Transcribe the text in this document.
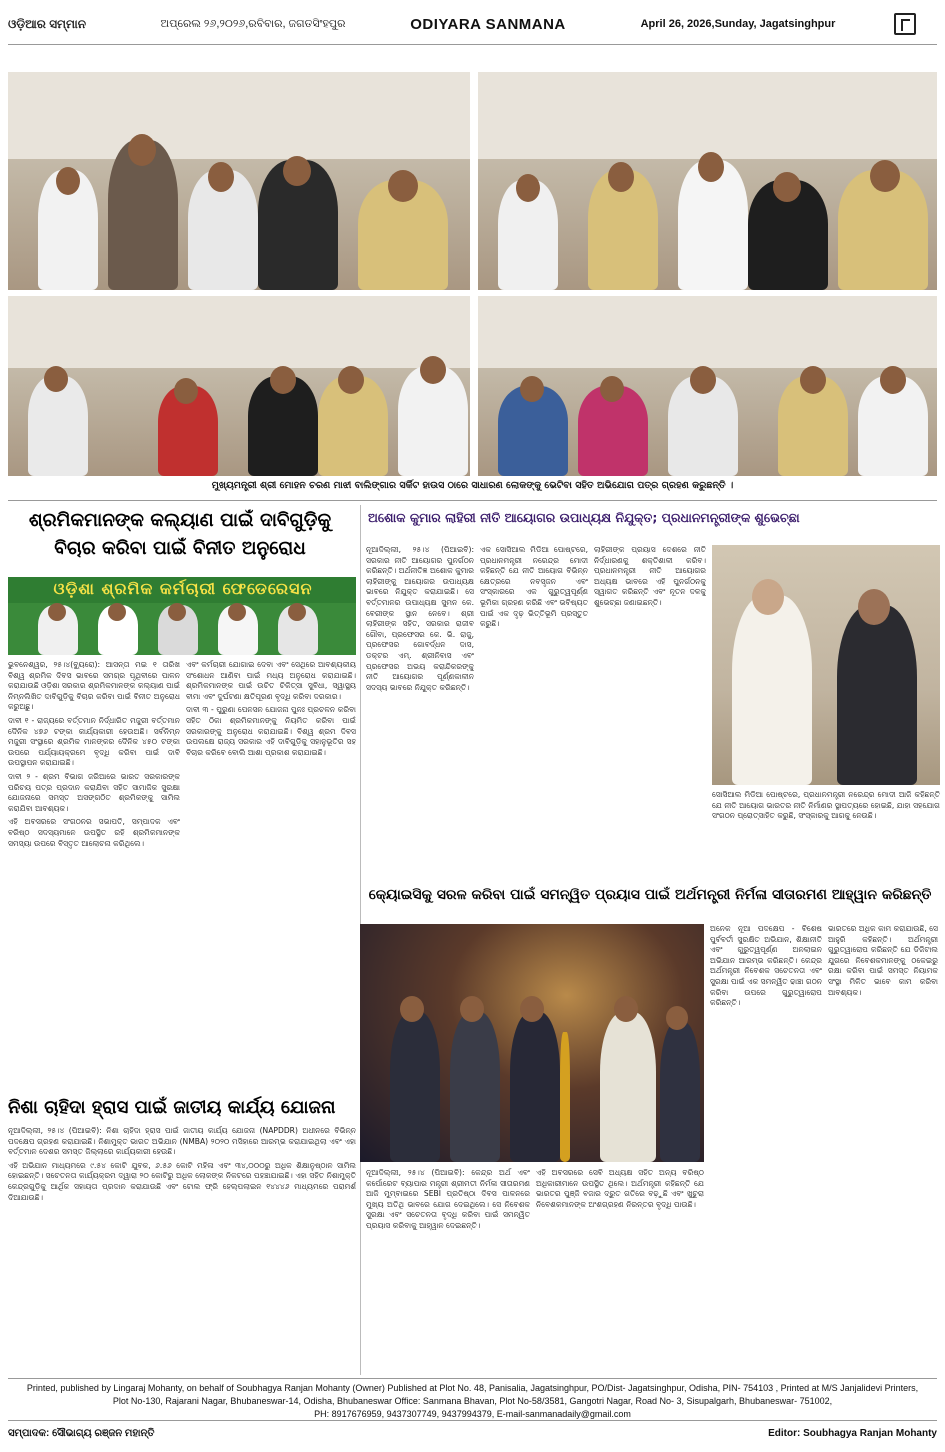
ଓଡ଼ିଆର ସମ୍ମାନ	ଅପ୍ରେଲ ୨୬,୨୦୨୬,ରବିବାର, ଜଗତସିଂହପୁର	ODIYARA SANMANA	April 26, 2026,Sunday, Jagatsinghpur
ମୁଖ୍ୟମନ୍ତ୍ରୀ ଶ୍ରୀ ମୋହନ ଚରଣ ମାଝୀ ବାଲିଙ୍ଗାର ସର୍କିଟ ହାଉସ ଠାରେ ସାଧାରଣ ଲୋକଙ୍କୁ ଭେଟିବା ସହିତ ଅଭିଯୋଗ ପତ୍ର ଗ୍ରହଣ କରୁଛନ୍ତି ।
ଶ୍ରମିକମାନଙ୍କ କଲ୍ୟାଣ ପାଇଁ ଦାବିଗୁଡ଼ିକୁ ବିଚାର କରିବା ପାଇଁ ବିନୀତ ଅନୁରୋଧ
ଓଡ଼ିଶା ଶ୍ରମିକ କର୍ମଚାରୀ ଫେଡେରେସନ

ଭୁବନେଶ୍ୱର, ୨୫।୪(ବ୍ୟୁରୋ): ଆସନ୍ତା ମଇ ୧ ତାରିଖ ବିଶ୍ୱ ଶ୍ରମିକ ଦିବସ ଭାବରେ ସମଗ୍ର ପୃଥିବୀରେ ପାଳନ କରାଯାଉଛି ଓଡ଼ିଶା ସରକାର ଶ୍ରମିକମାନଙ୍କ କଲ୍ୟାଣ ପାଇଁ ନିମ୍ନଲିଖିତ ଦାବିଗୁଡ଼ିକୁ ବିଚାର କରିବା ପାଇଁ ବିନୀତ ଅନୁରୋଧ କରୁଅଛୁ।

ଦାବୀ ୧ - ରାଜ୍ୟରେ ବର୍ତ୍ତମାନ ନିର୍ଦ୍ଧାରିତ ମଜୁରୀ ବର୍ତ୍ତମାନ ଦୈନିକ ୪୭୬ ଟଙ୍କା କାର୍ଯ୍ୟକାରୀ ହେଉଅଛି। ସର୍ବନିମ୍ନ ମଜୁରୀ ସଂସ୍ଥାରେ ଶ୍ରମିକ ମାନଙ୍କର ଦୈନିକ ୪୫୦ ଟଙ୍କା ଉପରେ ପର୍ଯ୍ୟାୟକ୍ରମେ ବୃଦ୍ଧି କରିବା ପାଇଁ ଦାବି ଉପସ୍ଥାପନ କରାଯାଇଛି।

ଦାବୀ ୨ - ଶ୍ରମ ବିଭାଗ ଜରିଆରେ ଭାରତ ସରକାରଙ୍କ ପରିଚୟ ପତ୍ର ପ୍ରଦାନ କରାଯିବା ସହିତ ସାମାଜିକ ସୁରକ୍ଷା ଯୋଜନାରେ ସମସ୍ତ ଅସଙ୍ଗଠିତ ଶ୍ରମିକଙ୍କୁ ସାମିଲ କରାଯିବା ଆବଶ୍ୟକ।

ଏହି ଅବସରରେ ସଂଗଠନର ସଭାପତି, ସମ୍ପାଦକ ଏବଂ ବରିଷ୍ଠ ସଦସ୍ୟମାନେ ଉପସ୍ଥିତ ରହି ଶ୍ରମିକମାନଙ୍କ ସମସ୍ୟା ଉପରେ ବିସ୍ତୃତ ଆଲୋଚନା କରିଥିଲେ।

ଏବଂ କର୍ମଚାରୀ ଯୋଗାଇ ଦେବା ଏବଂ ସେଥିରେ ଆବଶ୍ୟକୀୟ ସଂଶୋଧନ ଆଣିବା ପାଇଁ ମଧ୍ୟ ଅନୁରୋଧ କରାଯାଇଛି। ଶ୍ରମିକମାନଙ୍କ ପାଇଁ ଉଚିତ ଚିକିତ୍ସା ସୁବିଧା, ସ୍ୱାସ୍ଥ୍ୟ ବୀମା ଏବଂ ଦୁର୍ଘଟଣା କ୍ଷତିପୂରଣ ବୃଦ୍ଧି କରିବା ଦରକାର।

ଦାବୀ ୩ - ପୁରୁଣା ପେନସନ ଯୋଜନା ପୁନଃ ପ୍ରଚଳନ କରିବା ସହିତ ଠିକା ଶ୍ରମିକମାନଙ୍କୁ ନିୟମିତ କରିବା ପାଇଁ ସରକାରଙ୍କୁ ଅନୁରୋଧ କରାଯାଇଛି। ବିଶ୍ୱ ଶ୍ରମ ଦିବସ ଉପଲକ୍ଷେ ରାଜ୍ୟ ସରକାର ଏହି ଦାବିଗୁଡ଼ିକୁ ସହାନୁଭୂତିର ସହ ବିଚାର କରିବେ ବୋଲି ଆଶା ପ୍ରକାଶ କରାଯାଇଛି।

ଅଶୋକ କୁମାର ଲାହିରୀ ନୀତି ଆୟୋଗର ଉପାଧ୍ୟକ୍ଷ ନିଯୁକ୍ତ; ପ୍ରଧାନମନ୍ତ୍ରୀଙ୍କ ଶୁଭେଚ୍ଛା

ନୂଆଦିଲ୍ଲୀ, ୨୫।୪ (ପିଆଇବି): ସରକାର ନୀତି ଆୟୋଗର ପୁନର୍ଗଠନ କରିଛନ୍ତି। ଅର୍ଥନୀତିଜ୍ଞ ଅଶୋକ କୁମାର ଲାହିରୀଙ୍କୁ ଆୟୋଗର ଉପାଧ୍ୟକ୍ଷ ଭାବରେ ନିଯୁକ୍ତ କରାଯାଇଛି। ସେ ବର୍ତ୍ତମାନର ଉପାଧ୍ୟକ୍ଷ ସୁମନ କେ. ବେରୀଙ୍କ ସ୍ଥାନ ନେବେ। ଶ୍ରୀ ଲାହିରୀଙ୍କ ସହିତ, ସରକାର ରାଜୀବ ଗୌବା, ପ୍ରଫେସର କେ. ଭି. ରାଜୁ, ପ୍ରଫେସର ଗୋବର୍ଦ୍ଧନ ଦାସ, ଡକ୍ଟର ଏମ୍. ଶ୍ରୀନିବାସ ଏବଂ ପ୍ରଫେସର ଅଭୟ କରାନ୍ଦିକରଙ୍କୁ ନୀତି ଆୟୋଗର ପୂର୍ଣ୍ଣକାଳୀନ ସଦସ୍ୟ ଭାବରେ ନିଯୁକ୍ତ କରିଛନ୍ତି।

ଏକ ସୋସିଆଲ ମିଡିଆ ପୋଷ୍ଟରେ, ପ୍ରଧାନମନ୍ତ୍ରୀ ନରେନ୍ଦ୍ର ମୋଦୀ କହିଛନ୍ତି ଯେ ନୀତି ଆୟୋଗ ବିଭିନ୍ନ କ୍ଷେତ୍ରରେ ନବସୃଜନ ଏବଂ ସଂସ୍କାରରେ ଏକ ଗୁରୁତ୍ୱପୂର୍ଣ୍ଣ ଭୂମିକା ଗ୍ରହଣ କରିଛି ଏବଂ ଭବିଷ୍ୟତ ପାଇଁ ଏକ ଦୃଢ଼ ଭିତ୍ତିଭୂମି ପ୍ରସ୍ତୁତ କରୁଛି।

ଲାହିରୀଙ୍କ ପ୍ରୟାସ ଦେଶରେ ନୀତି ନିର୍ଦ୍ଧାରଣକୁ ଶକ୍ତିଶାଳୀ କରିବ। ପ୍ରଧାନମନ୍ତ୍ରୀ ନୀତି ଆୟୋଗର ଅଧ୍ୟକ୍ଷ ଭାବରେ ଏହି ପୁନର୍ଗଠନକୁ ସ୍ୱାଗତ କରିଛନ୍ତି ଏବଂ ନୂତନ ଦଳକୁ ଶୁଭେଚ୍ଛା ଜଣାଇଛନ୍ତି।

ସୋସିଆଲ ମିଡିଆ ପୋଷ୍ଟରେ, ପ୍ରଧାନମନ୍ତ୍ରୀ ନରେନ୍ଦ୍ର ମୋଦୀ ଆଜି କହିଛନ୍ତି ଯେ ନୀତି ଆୟୋଗ ଭାରତର ନୀତି ନିର୍ମାଣର ସ୍ଥାପତ୍ୟରେ ହୋଇଛି, ଯାହା ସହଯୋଗ ସଂଗଠନ ପ୍ରୋତ୍ସାହିତ କରୁଛି, ସଂସ୍କାରକୁ ଆଗକୁ ନେଉଛି।

କ୍ୟୋଇସିକୁ ସରଳ କରିବା ପାଇଁ ସମନ୍ୱିତ ପ୍ରୟାସ ପାଇଁ ଅର୍ଥମନ୍ତ୍ରୀ ନିର୍ମଳା ସୀତାରମଣ ଆହ୍ୱାନ କରିଛନ୍ତି

ଅନେକ ନୂଆ ପଦକ୍ଷେପ - ବିଶେଷ ପୁର୍ବବର୍ତୀ ସୁରକ୍ଷିତ ଅଭିଯାନ, ଶିକ୍ଷାନୀତି ଏବଂ ଗୁରୁତ୍ୱପୂର୍ଣ୍ଣ ଅନଲାଇନ ଅଭିଯାନ ଆରମ୍ଭ କରିଛନ୍ତି। କେନ୍ଦ୍ର ଅର୍ଥମନ୍ତ୍ରୀ ନିବେଶକ ସଚେତନତା ଏବଂ ସୁରକ୍ଷା ପାଇଁ ଏକ ସମନ୍ୱିତ ଢାଞ୍ଚା ଗଠନ କରିବା ଉପରେ ଗୁରୁତ୍ୱାରୋପ କରିଛନ୍ତି।

ଭାରତରେ ଅଧିକ କାମ କରାଯାଉଛି, ସେ ଆହୁରି କହିଛନ୍ତି। ଅର୍ଥମନ୍ତ୍ରୀ ଗୁରୁତ୍ୱାରୋପ କରିଛନ୍ତି ଯେ ଡିଜିଟାଲ ଯୁଗରେ ନିବେଶକମାନଙ୍କୁ ଠକେଇରୁ ରକ୍ଷା କରିବା ପାଇଁ ସମସ୍ତ ନିୟାମକ ସଂସ୍ଥା ମିଳିତ ଭାବେ କାମ କରିବା ଆବଶ୍ୟକ।

ନୂଆଦିଲ୍ଲୀ, ୨୫।୪ (ପିଆଇବି): କେନ୍ଦ୍ର ଅର୍ଥ ଏବଂ କର୍ପୋରେଟ ବ୍ୟାପାର ମନ୍ତ୍ରୀ ଶ୍ରୀମତୀ ନିର୍ମଳା ସୀତାରମଣ ଆଜି ମୁମ୍ବାଇରେ SEBI ପ୍ରତିଷ୍ଠା ଦିବସ ପାଳନରେ ମୁଖ୍ୟ ଅତିଥି ଭାବରେ ଯୋଗ ଦେଇଥିଲେ। ସେ ନିବେଶକ ସୁରକ୍ଷା ଏବଂ ସଚେତନତା ବୃଦ୍ଧି କରିବା ପାଇଁ ସମନ୍ୱିତ ପ୍ରୟାସ କରିବାକୁ ଆହ୍ୱାନ ଦେଇଛନ୍ତି।

ଏହି ଅବସରରେ ସେବି ଅଧ୍ୟକ୍ଷ ସହିତ ଅନ୍ୟ ବରିଷ୍ଠ ଅଧିକାରୀମାନେ ଉପସ୍ଥିତ ଥିଲେ। ଅର୍ଥମନ୍ତ୍ରୀ କହିଛନ୍ତି ଯେ ଭାରତର ପୁଞ୍ଜି ବଜାର ଦ୍ରୁତ ଗତିରେ ବଢ଼ୁଛି ଏବଂ ଖୁଚୁରା ନିବେଶକମାନଙ୍କ ଅଂଶଗ୍ରହଣ ନିରନ୍ତର ବୃଦ୍ଧି ପାଉଛି।

ନିଶା ଚାହିଦା ହ୍ରାସ ପାଇଁ ଜାତୀୟ କାର୍ଯ୍ୟ ଯୋଜନା

ନୂଆଦିଲ୍ଲୀ, ୨୫।୪ (ପିଆଇବି): ନିଶା ଚାହିଦା ହ୍ରାସ ପାଇଁ ଜାତୀୟ କାର୍ଯ୍ୟ ଯୋଜନା (NAPDDR) ଅଧୀନରେ ବିଭିନ୍ନ ପଦକ୍ଷେପ ଗ୍ରହଣ କରାଯାଇଛି। ନିଶାମୁକ୍ତ ଭାରତ ଅଭିଯାନ (NMBA) ୨୦୨୦ ମସିହାରେ ଆରମ୍ଭ କରାଯାଇଥିଲା ଏବଂ ଏହା ବର୍ତ୍ତମାନ ଦେଶର ସମସ୍ତ ଜିଲ୍ଲାରେ କାର୍ଯ୍ୟକାରୀ ହେଉଛି।

ଏହି ଅଭିଯାନ ମାଧ୍ୟମରେ ୯.୫୪ କୋଟି ଯୁବକ, ୬.୫୬ କୋଟି ମହିଳା ଏବଂ ୩୪,୦୦୦ରୁ ଅଧିକ ଶିକ୍ଷାନୁଷ୍ଠାନ ସାମିଲ ହୋଇଛନ୍ତି। ସଚେତନତା କାର୍ଯ୍ୟକ୍ରମ ଦ୍ୱାରା ୨୦ କୋଟିରୁ ଅଧିକ ଲୋକଙ୍କ ନିକଟରେ ପହଞ୍ଚାଯାଇଛି। ଏହା ସହିତ ନିଶାମୁକ୍ତି କେନ୍ଦ୍ରଗୁଡ଼ିକୁ ଆର୍ଥିକ ସହାୟତା ପ୍ରଦାନ କରାଯାଉଛି ଏବଂ ଟୋଲ ଫ୍ରି ହେଲ୍ପଲାଇନ ୧୪୪୪୬ ମାଧ୍ୟମରେ ପରାମର୍ଶ ଦିଆଯାଉଛି।

Printed, published by Lingaraj Mohanty, on behalf of Soubhagya Ranjan Mohanty (Owner) Published at Plot No. 48, Panisalia, Jagatsinghpur, PO/Dist- Jagatsinghpur, Odisha, PIN- 754103 , Printed at M/S Janjalidevi Printers,
Plot No-130, Rajarani Nagar, Bhubaneswar-14, Odisha, Bhubaneswar Office: Sanmana Bhavan, Plot No-58/3581, Gangotri Nagar, Road No- 3, Sisupalgarh, Bhubaneswar- 751002,
PH: 8917676959, 9437307749, 9437994379, E-mail-sanmanadaily@gmail.com
ସମ୍ପାଦକ: ସୌଭାଗ୍ୟ ରଞ୍ଜନ ମହାନ୍ତି	Editor: Soubhagya Ranjan Mohanty
